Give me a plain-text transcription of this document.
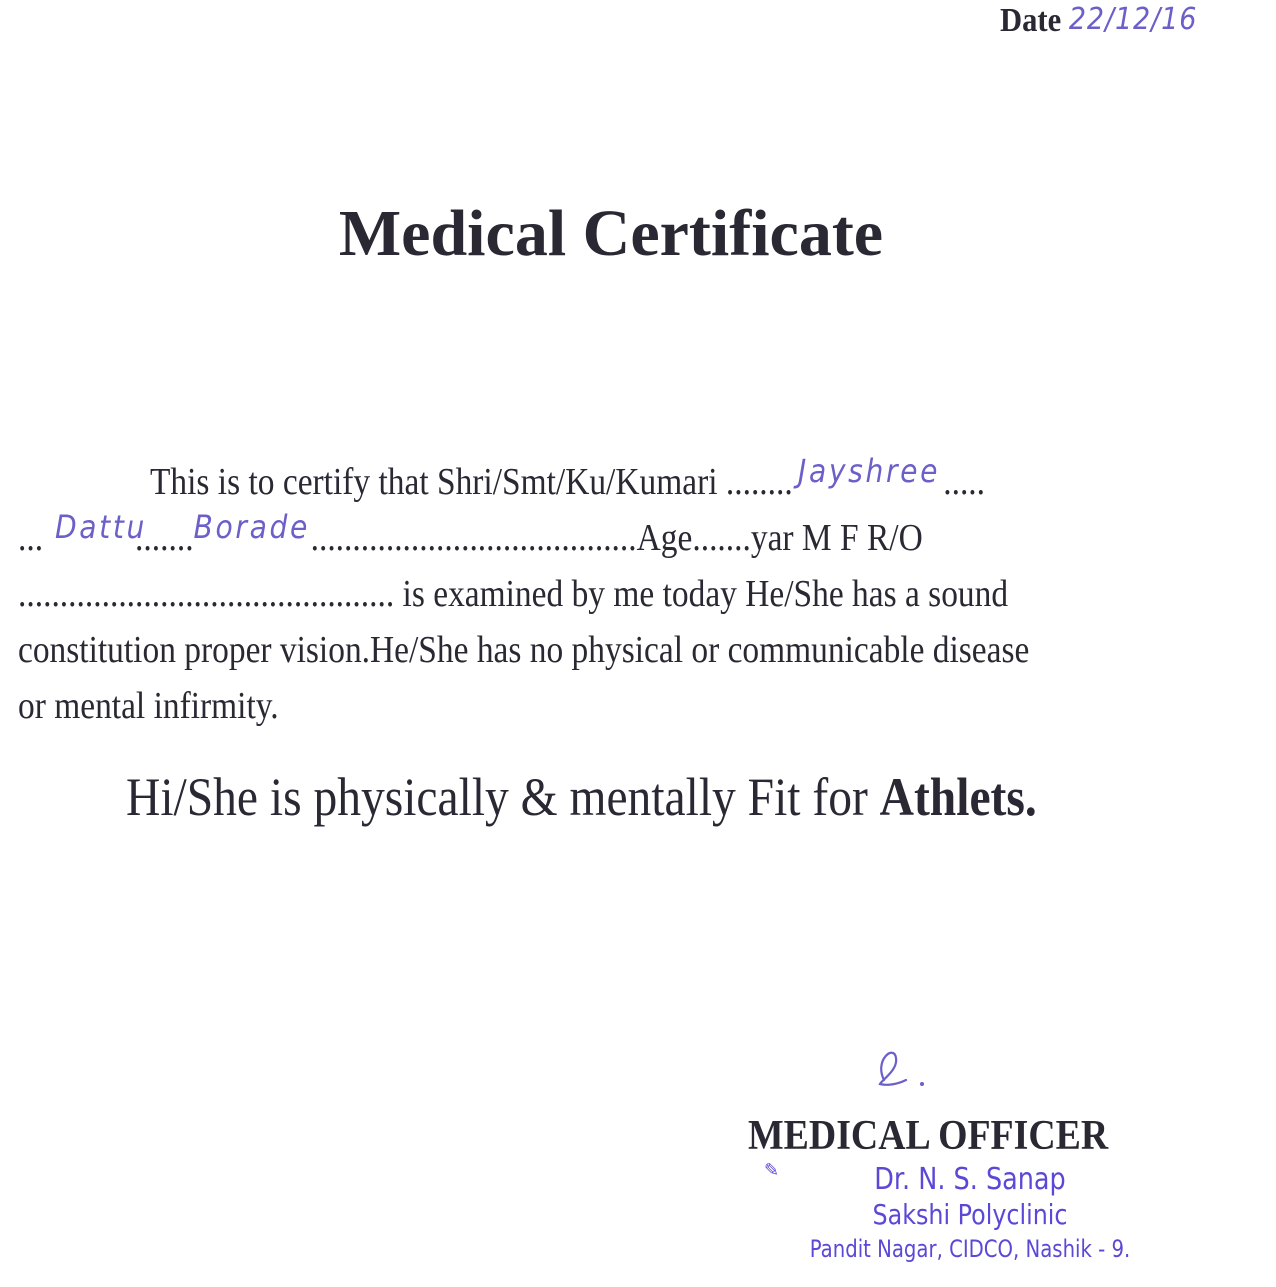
Date 22/12/16
Medical Certificate
This is to certify that Shri/Smt/Ku/Kumari ........ Jayshree .....
... Dattu
....... Borade .......................................Age.......yar M F R/O
............................................. is examined by me today He/She has a sound
constitution proper vision.He/She has no physical or communicable disease
or mental infirmity.
Hi/She is physically & mentally Fit for Athlets.
MEDICAL OFFICER
✎	Dr. N. S. Sanap
Sakshi Polyclinic
Pandit Nagar, CIDCO, Nashik - 9.
